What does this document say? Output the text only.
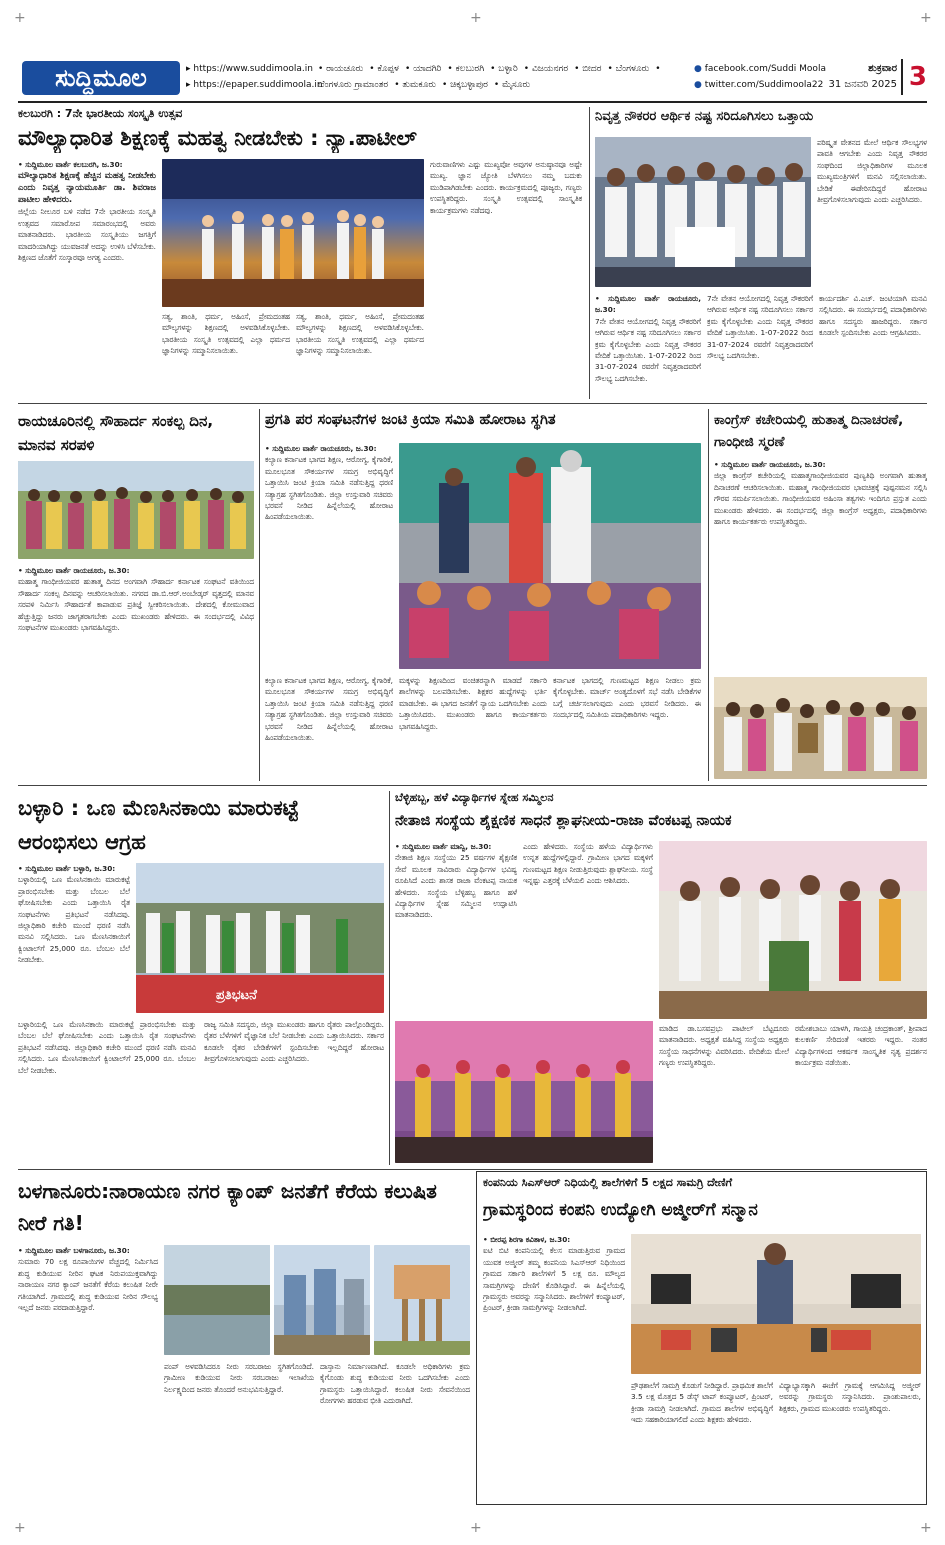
+	+	+
+	+	+
ಸುದ್ದಿಮೂಲ	▸ https://www.suddimoola.in
▸ https://epaper.suddimoola.in
• ರಾಯಚೂರು • ಕೊಪ್ಪಳ • ಯಾದಗಿರಿ • ಕಲಬುರಗಿ • ಬಳ್ಳಾರಿ • ವಿಜಯನಗರ • ಬೀದರ • ಬೆಂಗಳೂರು • ಬೆಂಗಳೂರು ಗ್ರಾಮಾಂತರ • ತುಮಕೂರು • ಚಿಕ್ಕಬಳ್ಳಾಪುರ • ಮೈಸೂರು
● facebook.com/Suddi Moola
● twitter.com/Suddimoola22
ಶುಕ್ರವಾರ
31 ಜನವರಿ 2025 3
ಕಲಬುರಗಿ : 7ನೇ ಭಾರತೀಯ ಸಂಸ್ಕೃತಿ ಉತ್ಸವ
ಮೌಲ್ಯಾಧಾರಿತ ಶಿಕ್ಷಣಕ್ಕೆ ಮಹತ್ವ ನೀಡಬೇಕು : ನ್ಯಾ.ಪಾಟೀಲ್
• ಸುದ್ದಿಮೂಲ ವಾರ್ತೆ ಕಲಬುರಗಿ, ಜ.30:
ಮೌಲ್ಯಾಧಾರಿತ ಶಿಕ್ಷಣಕ್ಕೆ ಹೆಚ್ಚಿನ ಮಹತ್ವ ನೀಡಬೇಕು ಎಂದು ನಿವೃತ್ತ ನ್ಯಾಯಮೂರ್ತಿ ಡಾ. ಶಿವರಾಜ ಪಾಟೀಲ ಹೇಳಿದರು.
ಜಿಲ್ಲೆಯ ನೀಲೂರ ಬಳಿ ನಡೆದ 7ನೇ ಭಾರತೀಯ ಸಂಸ್ಕೃತಿ ಉತ್ಸವದ ಸಮಾರೋಪ ಸಮಾರಂಭದಲ್ಲಿ ಅವರು ಮಾತನಾಡಿದರು. ಭಾರತೀಯ ಸಂಸ್ಕೃತಿಯು ಜಗತ್ತಿಗೆ ಮಾದರಿಯಾಗಿದ್ದು ಯುವಜನತೆ ಅದನ್ನು ಉಳಿಸಿ ಬೆಳೆಸಬೇಕು. ಶಿಕ್ಷಣದ ಜೊತೆಗೆ ಸಂಸ್ಕಾರವೂ ಅಗತ್ಯ ಎಂದರು.
ಸತ್ಯ, ಶಾಂತಿ, ಧರ್ಮ, ಅಹಿಂಸೆ, ಪ್ರೇಮದಂತಹ ಮೌಲ್ಯಗಳನ್ನು ಶಿಕ್ಷಣದಲ್ಲಿ ಅಳವಡಿಸಿಕೊಳ್ಳಬೇಕು. ಭಾರತೀಯ ಸಂಸ್ಕೃತಿ ಉತ್ಸವದಲ್ಲಿ ಎಲ್ಲಾ ಧರ್ಮದ ಜ್ಞಾನಿಗಳನ್ನು ಸಮ್ಮಾನಿಸಲಾಯಿತು.
ಸತ್ಯ, ಶಾಂತಿ, ಧರ್ಮ, ಅಹಿಂಸೆ, ಪ್ರೇಮದಂತಹ ಮೌಲ್ಯಗಳನ್ನು ಶಿಕ್ಷಣದಲ್ಲಿ ಅಳವಡಿಸಿಕೊಳ್ಳಬೇಕು. ಭಾರತೀಯ ಸಂಸ್ಕೃತಿ ಉತ್ಸವದಲ್ಲಿ ಎಲ್ಲಾ ಧರ್ಮದ ಜ್ಞಾನಿಗಳನ್ನು ಸಮ್ಮಾನಿಸಲಾಯಿತು.
ಗುರುವಾಣಿಗಳು ಎಷ್ಟು ಮುಖ್ಯವೋ ಅವುಗಳ ಅನುಷ್ಠಾನವೂ ಅಷ್ಟೇ ಮುಖ್ಯ. ಜ್ಞಾನ ಜ್ಯೋತಿ ಬೆಳಗಿಸಲು ನಮ್ಮ ಬದುಕು ಮುಡಿಪಾಗಿಡಬೇಕು ಎಂದರು. ಕಾರ್ಯಕ್ರಮದಲ್ಲಿ ಪೂಜ್ಯರು, ಗಣ್ಯರು ಉಪಸ್ಥಿತರಿದ್ದರು. ಸಂಸ್ಕೃತಿ ಉತ್ಸವದಲ್ಲಿ ಸಾಂಸ್ಕೃತಿಕ ಕಾರ್ಯಕ್ರಮಗಳು ನಡೆದವು.
ನಿವೃತ್ತ ನೌಕರರ ಆರ್ಥಿಕ ನಷ್ಟ ಸರಿದೂಗಿಸಲು ಒತ್ತಾಯ
ಪರಿಷ್ಕೃತ ವೇತನದ ಮೇಲೆ ಆರ್ಥಿಕ ಸೌಲಭ್ಯಗಳ ಪಾವತಿ ಆಗಬೇಕು ಎಂದು ನಿವೃತ್ತ ನೌಕರರ ಸಂಘದಿಂದ ಜಿಲ್ಲಾಧಿಕಾರಿಗಳ ಮೂಲಕ ಮುಖ್ಯಮಂತ್ರಿಗಳಿಗೆ ಮನವಿ ಸಲ್ಲಿಸಲಾಯಿತು. ಬೇಡಿಕೆ ಈಡೇರಿಸದಿದ್ದರೆ ಹೋರಾಟ ತೀವ್ರಗೊಳಿಸಲಾಗುವುದು ಎಂದು ಎಚ್ಚರಿಸಿದರು.
• ಸುದ್ದಿಮೂಲ ವಾರ್ತೆ ರಾಯಚೂರು, ಜ.30:
7ನೇ ವೇತನ ಆಯೋಗದಲ್ಲಿ ನಿವೃತ್ತ ನೌಕರರಿಗೆ ಆಗಿರುವ ಆರ್ಥಿಕ ನಷ್ಟ ಸರಿದೂಗಿಸಲು ಸರ್ಕಾರ ಕ್ರಮ ಕೈಗೊಳ್ಳಬೇಕು ಎಂದು ನಿವೃತ್ತ ನೌಕರರ ವೇದಿಕೆ ಒತ್ತಾಯಿಸಿತು. 1-07-2022 ರಿಂದ 31-07-2024 ರವರೆಗೆ ನಿವೃತ್ತರಾದವರಿಗೆ ಸೌಲಭ್ಯ ಒದಗಿಸಬೇಕು.
7ನೇ ವೇತನ ಆಯೋಗದಲ್ಲಿ ನಿವೃತ್ತ ನೌಕರರಿಗೆ ಆಗಿರುವ ಆರ್ಥಿಕ ನಷ್ಟ ಸರಿದೂಗಿಸಲು ಸರ್ಕಾರ ಕ್ರಮ ಕೈಗೊಳ್ಳಬೇಕು ಎಂದು ನಿವೃತ್ತ ನೌಕರರ ವೇದಿಕೆ ಒತ್ತಾಯಿಸಿತು. 1-07-2022 ರಿಂದ 31-07-2024 ರವರೆಗೆ ನಿವೃತ್ತರಾದವರಿಗೆ ಸೌಲಭ್ಯ ಒದಗಿಸಬೇಕು.
ಕಾರ್ಯದರ್ಶಿ ವಿ.ಎಚ್. ಜಂಟಿಯಾಗಿ ಮನವಿ ಸಲ್ಲಿಸಿದರು. ಈ ಸಂದರ್ಭದಲ್ಲಿ ಪದಾಧಿಕಾರಿಗಳು ಹಾಗೂ ಸದಸ್ಯರು ಹಾಜರಿದ್ದರು. ಸರ್ಕಾರ ಕೂಡಲೇ ಸ್ಪಂದಿಸಬೇಕು ಎಂದು ಆಗ್ರಹಿಸಿದರು.
ರಾಯಚೂರಿನಲ್ಲಿ ಸೌಹಾರ್ದ ಸಂಕಲ್ಪ ದಿನ, ಮಾನವ ಸರಪಳಿ
• ಸುದ್ದಿಮೂಲ ವಾರ್ತೆ ರಾಯಚೂರು, ಜ.30:
ಮಹಾತ್ಮ ಗಾಂಧೀಜಿಯವರ ಹುತಾತ್ಮ ದಿನದ ಅಂಗವಾಗಿ ಸೌಹಾರ್ದ ಕರ್ನಾಟಕ ಸಂಘಟನೆ ವತಿಯಿಂದ ಸೌಹಾರ್ದ ಸಂಕಲ್ಪ ದಿನವನ್ನು ಆಚರಿಸಲಾಯಿತು. ನಗರದ ಡಾ.ಬಿ.ಆರ್.ಅಂಬೇಡ್ಕರ್ ವೃತ್ತದಲ್ಲಿ ಮಾನವ ಸರಪಳಿ ನಿರ್ಮಿಸಿ ಸೌಹಾರ್ದತೆ ಕಾಪಾಡುವ ಪ್ರತಿಜ್ಞೆ ಸ್ವೀಕರಿಸಲಾಯಿತು. ದೇಶದಲ್ಲಿ ಕೋಮುವಾದ ಹೆಚ್ಚುತ್ತಿದ್ದು ಜನರು ಜಾಗೃತರಾಗಬೇಕು ಎಂದು ಮುಖಂಡರು ಹೇಳಿದರು. ಈ ಸಂದರ್ಭದಲ್ಲಿ ವಿವಿಧ ಸಂಘಟನೆಗಳ ಮುಖಂಡರು ಭಾಗವಹಿಸಿದ್ದರು.
ಪ್ರಗತಿ ಪರ ಸಂಘಟನೆಗಳ ಜಂಟಿ ಕ್ರಿಯಾ ಸಮಿತಿ ಹೋರಾಟ ಸ್ಥಗಿತ
• ಸುದ್ದಿಮೂಲ ವಾರ್ತೆ ರಾಯಚೂರು, ಜ.30:
ಕಲ್ಯಾಣ ಕರ್ನಾಟಕ ಭಾಗದ ಶಿಕ್ಷಣ, ಆರೋಗ್ಯ, ಕೈಗಾರಿಕೆ, ಮೂಲಭೂತ ಸೌಕರ್ಯಗಳ ಸಮಗ್ರ ಅಭಿವೃದ್ಧಿಗೆ ಒತ್ತಾಯಿಸಿ ಜಂಟಿ ಕ್ರಿಯಾ ಸಮಿತಿ ನಡೆಸುತ್ತಿದ್ದ ಧರಣಿ ಸತ್ಯಾಗ್ರಹ ಸ್ಥಗಿತಗೊಂಡಿತು. ಜಿಲ್ಲಾ ಉಸ್ತುವಾರಿ ಸಚಿವರು ಭರವಸೆ ನೀಡಿದ ಹಿನ್ನೆಲೆಯಲ್ಲಿ ಹೋರಾಟ ಹಿಂಪಡೆಯಲಾಯಿತು.
ಕಲ್ಯಾಣ ಕರ್ನಾಟಕ ಭಾಗದ ಶಿಕ್ಷಣ, ಆರೋಗ್ಯ, ಕೈಗಾರಿಕೆ, ಮೂಲಭೂತ ಸೌಕರ್ಯಗಳ ಸಮಗ್ರ ಅಭಿವೃದ್ಧಿಗೆ ಒತ್ತಾಯಿಸಿ ಜಂಟಿ ಕ್ರಿಯಾ ಸಮಿತಿ ನಡೆಸುತ್ತಿದ್ದ ಧರಣಿ ಸತ್ಯಾಗ್ರಹ ಸ್ಥಗಿತಗೊಂಡಿತು. ಜಿಲ್ಲಾ ಉಸ್ತುವಾರಿ ಸಚಿವರು ಭರವಸೆ ನೀಡಿದ ಹಿನ್ನೆಲೆಯಲ್ಲಿ ಹೋರಾಟ ಹಿಂಪಡೆಯಲಾಯಿತು.
ಮಕ್ಕಳನ್ನು ಶಿಕ್ಷಣದಿಂದ ವಂಚಿತರನ್ನಾಗಿ ಮಾಡದೆ ಸರ್ಕಾರಿ ಶಾಲೆಗಳನ್ನು ಬಲಪಡಿಸಬೇಕು. ಶಿಕ್ಷಕರ ಹುದ್ದೆಗಳನ್ನು ಭರ್ತಿ ಮಾಡಬೇಕು. ಈ ಭಾಗದ ಜನತೆಗೆ ನ್ಯಾಯ ಒದಗಿಸಬೇಕು ಎಂದು ಒತ್ತಾಯಿಸಿದರು. ಮುಖಂಡರು ಹಾಗೂ ಕಾರ್ಯಕರ್ತರು ಭಾಗವಹಿಸಿದ್ದರು.
ಕರ್ನಾಟಕ ಭಾಗದಲ್ಲಿ ಗುಣಮಟ್ಟದ ಶಿಕ್ಷಣ ನೀಡಲು ಕ್ರಮ ಕೈಗೊಳ್ಳಬೇಕು. ಮಾರ್ಚ್ ಅಂತ್ಯದೊಳಗೆ ಸಭೆ ನಡೆಸಿ ಬೇಡಿಕೆಗಳ ಬಗ್ಗೆ ಚರ್ಚಿಸಲಾಗುವುದು ಎಂದು ಭರವಸೆ ನೀಡಿದರು. ಈ ಸಂದರ್ಭದಲ್ಲಿ ಸಮಿತಿಯ ಪದಾಧಿಕಾರಿಗಳು ಇದ್ದರು.
ಕಾಂಗ್ರೆಸ್ ಕಚೇರಿಯಲ್ಲಿ ಹುತಾತ್ಮ ದಿನಾಚರಣೆ, ಗಾಂಧೀಜಿ ಸ್ಮರಣೆ
• ಸುದ್ದಿಮೂಲ ವಾರ್ತೆ ರಾಯಚೂರು, ಜ.30:
ಜಿಲ್ಲಾ ಕಾಂಗ್ರೆಸ್ ಕಚೇರಿಯಲ್ಲಿ ಮಹಾತ್ಮಗಾಂಧೀಜಿಯವರ ಪುಣ್ಯತಿಥಿ ಅಂಗವಾಗಿ ಹುತಾತ್ಮ ದಿನಾಚರಣೆ ಆಚರಿಸಲಾಯಿತು. ಮಹಾತ್ಮ ಗಾಂಧೀಜಿಯವರ ಭಾವಚಿತ್ರಕ್ಕೆ ಪುಷ್ಪನಮನ ಸಲ್ಲಿಸಿ ಗೌರವ ಸಮರ್ಪಿಸಲಾಯಿತು. ಗಾಂಧೀಜಿಯವರ ಅಹಿಂಸಾ ತತ್ವಗಳು ಇಂದಿಗೂ ಪ್ರಸ್ತುತ ಎಂದು ಮುಖಂಡರು ಹೇಳಿದರು. ಈ ಸಂದರ್ಭದಲ್ಲಿ ಜಿಲ್ಲಾ ಕಾಂಗ್ರೆಸ್ ಅಧ್ಯಕ್ಷರು, ಪದಾಧಿಕಾರಿಗಳು ಹಾಗೂ ಕಾರ್ಯಕರ್ತರು ಉಪಸ್ಥಿತರಿದ್ದರು.
ಬಳ್ಳಾರಿ : ಒಣ ಮೆಣಸಿನಕಾಯಿ ಮಾರುಕಟ್ಟೆ ಆರಂಭಿಸಲು ಆಗ್ರಹ
• ಸುದ್ದಿಮೂಲ ವಾರ್ತೆ ಬಳ್ಳಾರಿ, ಜ.30:
ಬಳ್ಳಾರಿಯಲ್ಲಿ ಒಣ ಮೆಣಸಿನಕಾಯಿ ಮಾರುಕಟ್ಟೆ ಪ್ರಾರಂಭಿಸಬೇಕು ಮತ್ತು ಬೆಂಬಲ ಬೆಲೆ ಘೋಷಿಸಬೇಕು ಎಂದು ಒತ್ತಾಯಿಸಿ ರೈತ ಸಂಘಟನೆಗಳು ಪ್ರತಿಭಟನೆ ನಡೆಸಿದವು. ಜಿಲ್ಲಾಧಿಕಾರಿ ಕಚೇರಿ ಮುಂದೆ ಧರಣಿ ನಡೆಸಿ ಮನವಿ ಸಲ್ಲಿಸಿದರು. ಒಣ ಮೆಣಸಿನಕಾಯಿಗೆ ಕ್ವಿಂಟಾಲ್‌ಗೆ 25,000 ರೂ. ಬೆಂಬಲ ಬೆಲೆ ನೀಡಬೇಕು.
ಪ್ರತಿಭಟನೆ
ಬಳ್ಳಾರಿಯಲ್ಲಿ ಒಣ ಮೆಣಸಿನಕಾಯಿ ಮಾರುಕಟ್ಟೆ ಪ್ರಾರಂಭಿಸಬೇಕು ಮತ್ತು ಬೆಂಬಲ ಬೆಲೆ ಘೋಷಿಸಬೇಕು ಎಂದು ಒತ್ತಾಯಿಸಿ ರೈತ ಸಂಘಟನೆಗಳು ಪ್ರತಿಭಟನೆ ನಡೆಸಿದವು. ಜಿಲ್ಲಾಧಿಕಾರಿ ಕಚೇರಿ ಮುಂದೆ ಧರಣಿ ನಡೆಸಿ ಮನವಿ ಸಲ್ಲಿಸಿದರು. ಒಣ ಮೆಣಸಿನಕಾಯಿಗೆ ಕ್ವಿಂಟಾಲ್‌ಗೆ 25,000 ರೂ. ಬೆಂಬಲ ಬೆಲೆ ನೀಡಬೇಕು.
ರಾಜ್ಯ ಸಮಿತಿ ಸದಸ್ಯರು, ಜಿಲ್ಲಾ ಮುಖಂಡರು ಹಾಗೂ ರೈತರು ಪಾಲ್ಗೊಂಡಿದ್ದರು. ರೈತರ ಬೆಳೆಗಳಿಗೆ ವೈಜ್ಞಾನಿಕ ಬೆಲೆ ನೀಡಬೇಕು ಎಂದು ಒತ್ತಾಯಿಸಿದರು. ಸರ್ಕಾರ ಕೂಡಲೇ ರೈತರ ಬೇಡಿಕೆಗಳಿಗೆ ಸ್ಪಂದಿಸಬೇಕು ಇಲ್ಲದಿದ್ದರೆ ಹೋರಾಟ ತೀವ್ರಗೊಳಿಸಲಾಗುವುದು ಎಂದು ಎಚ್ಚರಿಸಿದರು.
ಬೆಳ್ಳಿಹಬ್ಬ, ಹಳೆ ವಿದ್ಯಾರ್ಥಿಗಳ ಸ್ನೇಹ ಸಮ್ಮಿಲನ
ನೇತಾಜಿ ಸಂಸ್ಥೆಯ ಶೈಕ್ಷಣಿಕ ಸಾಧನೆ ಶ್ಲಾಘನೀಯ-ರಾಜಾ ವೆಂಕಟಪ್ಪ ನಾಯಕ
• ಸುದ್ದಿಮೂಲ ವಾರ್ತೆ ಮಾನ್ವಿ, ಜ.30:
ನೇತಾಜಿ ಶಿಕ್ಷಣ ಸಂಸ್ಥೆಯು 25 ವರ್ಷಗಳ ಶೈಕ್ಷಣಿಕ ಸೇವೆ ಮೂಲಕ ಸಾವಿರಾರು ವಿದ್ಯಾರ್ಥಿಗಳ ಭವಿಷ್ಯ ರೂಪಿಸಿದೆ ಎಂದು ಶಾಸಕ ರಾಜಾ ವೆಂಕಟಪ್ಪ ನಾಯಕ ಹೇಳಿದರು. ಸಂಸ್ಥೆಯ ಬೆಳ್ಳಿಹಬ್ಬ ಹಾಗೂ ಹಳೆ ವಿದ್ಯಾರ್ಥಿಗಳ ಸ್ನೇಹ ಸಮ್ಮಿಲನ ಉದ್ಘಾಟಿಸಿ ಮಾತನಾಡಿದರು.
ಎಂದು ಹೇಳಿದರು. ಸಂಸ್ಥೆಯ ಹಳೆಯ ವಿದ್ಯಾರ್ಥಿಗಳು ಉನ್ನತ ಹುದ್ದೆಗಳಲ್ಲಿದ್ದಾರೆ. ಗ್ರಾಮೀಣ ಭಾಗದ ಮಕ್ಕಳಿಗೆ ಗುಣಮಟ್ಟದ ಶಿಕ್ಷಣ ನೀಡುತ್ತಿರುವುದು ಶ್ಲಾಘನೀಯ. ಸಂಸ್ಥೆ ಇನ್ನಷ್ಟು ಎತ್ತರಕ್ಕೆ ಬೆಳೆಯಲಿ ಎಂದು ಆಶಿಸಿದರು.
ಮಾಡಿದ ಡಾ.ಬಸವಪ್ರಭು ಪಾಟೀಲ್ ಬೆಟ್ಟದೂರು ಮಾತನಾಡಿದರು. ಅಧ್ಯಕ್ಷತೆ ವಹಿಸಿದ್ದ ಸಂಸ್ಥೆಯ ಅಧ್ಯಕ್ಷರು ಸಂಸ್ಥೆಯ ಸಾಧನೆಗಳನ್ನು ವಿವರಿಸಿದರು. ವೇದಿಕೆಯ ಮೇಲೆ ಗಣ್ಯರು ಉಪಸ್ಥಿತರಿದ್ದರು.
ರಮೇಶಬಾಬು ಯಾಳಗಿ, ಗಾಯತ್ರಿ ಚಂದ್ರಕಾಂತ್, ಶ್ರೀಪಾದ ಕುಲಕರ್ಣಿ ಸೇರಿದಂತೆ ಇತರರು ಇದ್ದರು. ನಂತರ ವಿದ್ಯಾರ್ಥಿಗಳಿಂದ ಆಕರ್ಷಕ ಸಾಂಸ್ಕೃತಿಕ ನೃತ್ಯ ಪ್ರದರ್ಶನ ಕಾರ್ಯಕ್ರಮ ನಡೆಯಿತು.
ಬಳಗಾನೂರು:ನಾರಾಯಣ ನಗರ ಕ್ಯಾಂಪ್ ಜನತೆಗೆ ಕೆರೆಯ ಕಲುಷಿತ ನೀರೆ ಗತಿ!
• ಸುದ್ದಿಮೂಲ ವಾರ್ತೆ ಬಳಗಾನೂರು, ಜ.30:
ಸುಮಾರು 70 ಲಕ್ಷ ರೂಪಾಯಿಗಳ ವೆಚ್ಚದಲ್ಲಿ ನಿರ್ಮಿಸಿದ ಶುದ್ಧ ಕುಡಿಯುವ ನೀರಿನ ಘಟಕ ನಿರುಪಯುಕ್ತವಾಗಿದ್ದು ನಾರಾಯಣ ನಗರ ಕ್ಯಾಂಪ್ ಜನತೆಗೆ ಕೆರೆಯ ಕಲುಷಿತ ನೀರೇ ಗತಿಯಾಗಿದೆ. ಗ್ರಾಮದಲ್ಲಿ ಶುದ್ಧ ಕುಡಿಯುವ ನೀರಿನ ಸೌಲಭ್ಯ ಇಲ್ಲದೆ ಜನರು ಪರದಾಡುತ್ತಿದ್ದಾರೆ.
ಪಂಪ್ ಅಳವಡಿಸಿದರೂ ನೀರು ಸರಬರಾಜು ಸ್ಥಗಿತಗೊಂಡಿದೆ. ಗ್ರಾಮೀಣ ಕುಡಿಯುವ ನೀರು ಸರಬರಾಜು ಇಲಾಖೆಯ ನಿರ್ಲಕ್ಷ್ಯದಿಂದ ಜನರು ತೊಂದರೆ ಅನುಭವಿಸುತ್ತಿದ್ದಾರೆ.
ದಾಸ್ತಾನು ನಿರ್ಮಾಣವಾಗಿದೆ. ಕೂಡಲೇ ಅಧಿಕಾರಿಗಳು ಕ್ರಮ ಕೈಗೊಂಡು ಶುದ್ಧ ಕುಡಿಯುವ ನೀರು ಒದಗಿಸಬೇಕು ಎಂದು ಗ್ರಾಮಸ್ಥರು ಒತ್ತಾಯಿಸಿದ್ದಾರೆ. ಕಲುಷಿತ ನೀರು ಸೇವನೆಯಿಂದ ರೋಗಗಳು ಹರಡುವ ಭೀತಿ ಎದುರಾಗಿದೆ.
ಕಂಪನಿಯ ಸಿಎಸ್ಆರ್ ನಿಧಿಯಲ್ಲಿ ಶಾಲೆಗಳಿಗೆ 5 ಲಕ್ಷದ ಸಾಮಗ್ರಿ ದೇಣಿಗೆ
ಗ್ರಾಮಸ್ಥರಿಂದ ಕಂಪನಿ ಉದ್ಯೋಗಿ ಅಜ್ಮೀರ್‌ಗೆ ಸನ್ಮಾನ
• ಬೀರಪ್ಪ ಶಿರಗಾ ಕವಿತಾಳ, ಜ.30:
ಐಟಿ ಬಿಟಿ ಕಂಪನಿಯಲ್ಲಿ ಕೆಲಸ ಮಾಡುತ್ತಿರುವ ಗ್ರಾಮದ ಯುವಕ ಅಜ್ಮೀರ್ ತಮ್ಮ ಕಂಪನಿಯ ಸಿಎಸ್ಆರ್ ನಿಧಿಯಿಂದ ಗ್ರಾಮದ ಸರ್ಕಾರಿ ಶಾಲೆಗಳಿಗೆ 5 ಲಕ್ಷ ರೂ. ಮೌಲ್ಯದ ಸಾಮಗ್ರಿಗಳನ್ನು ದೇಣಿಗೆ ಕೊಡಿಸಿದ್ದಾರೆ. ಈ ಹಿನ್ನೆಲೆಯಲ್ಲಿ ಗ್ರಾಮಸ್ಥರು ಅವರನ್ನು ಸನ್ಮಾನಿಸಿದರು. ಶಾಲೆಗಳಿಗೆ ಕಂಪ್ಯೂಟರ್, ಪ್ರಿಂಟರ್, ಕ್ರೀಡಾ ಸಾಮಗ್ರಿಗಳನ್ನು ನೀಡಲಾಗಿದೆ.
ಪ್ರೌಢಶಾಲೆಗೆ ಸಾಮಗ್ರಿ ಕೊಡುಗೆ ನೀಡಿದ್ದಾರೆ. ಪ್ರಾಥಮಿಕ ಶಾಲೆಗೆ 3.5 ಲಕ್ಷ ಮೊತ್ತದ 5 ಡೆಸ್ಕ್ ಟಾಪ್ ಕಂಪ್ಯೂಟರ್, ಪ್ರಿಂಟರ್, ಕ್ರೀಡಾ ಸಾಮಗ್ರಿ ನೀಡಲಾಗಿದೆ. ಗ್ರಾಮದ ಶಾಲೆಗಳ ಅಭಿವೃದ್ಧಿಗೆ ಇದು ಸಹಕಾರಿಯಾಗಲಿದೆ ಎಂದು ಶಿಕ್ಷಕರು ಹೇಳಿದರು.
ವಿಧ್ಯಾಭ್ಯಾಸಕ್ಕಾಗಿ ಈಚೆಗೆ ಗ್ರಾಮಕ್ಕೆ ಆಗಮಿಸಿದ್ದ ಅಜ್ಮೀರ್ ಅವರನ್ನು ಗ್ರಾಮಸ್ಥರು ಸನ್ಮಾನಿಸಿದರು. ಪ್ರಾಂಶುಪಾಲರು, ಶಿಕ್ಷಕರು, ಗ್ರಾಮದ ಮುಖಂಡರು ಉಪಸ್ಥಿತರಿದ್ದರು.
